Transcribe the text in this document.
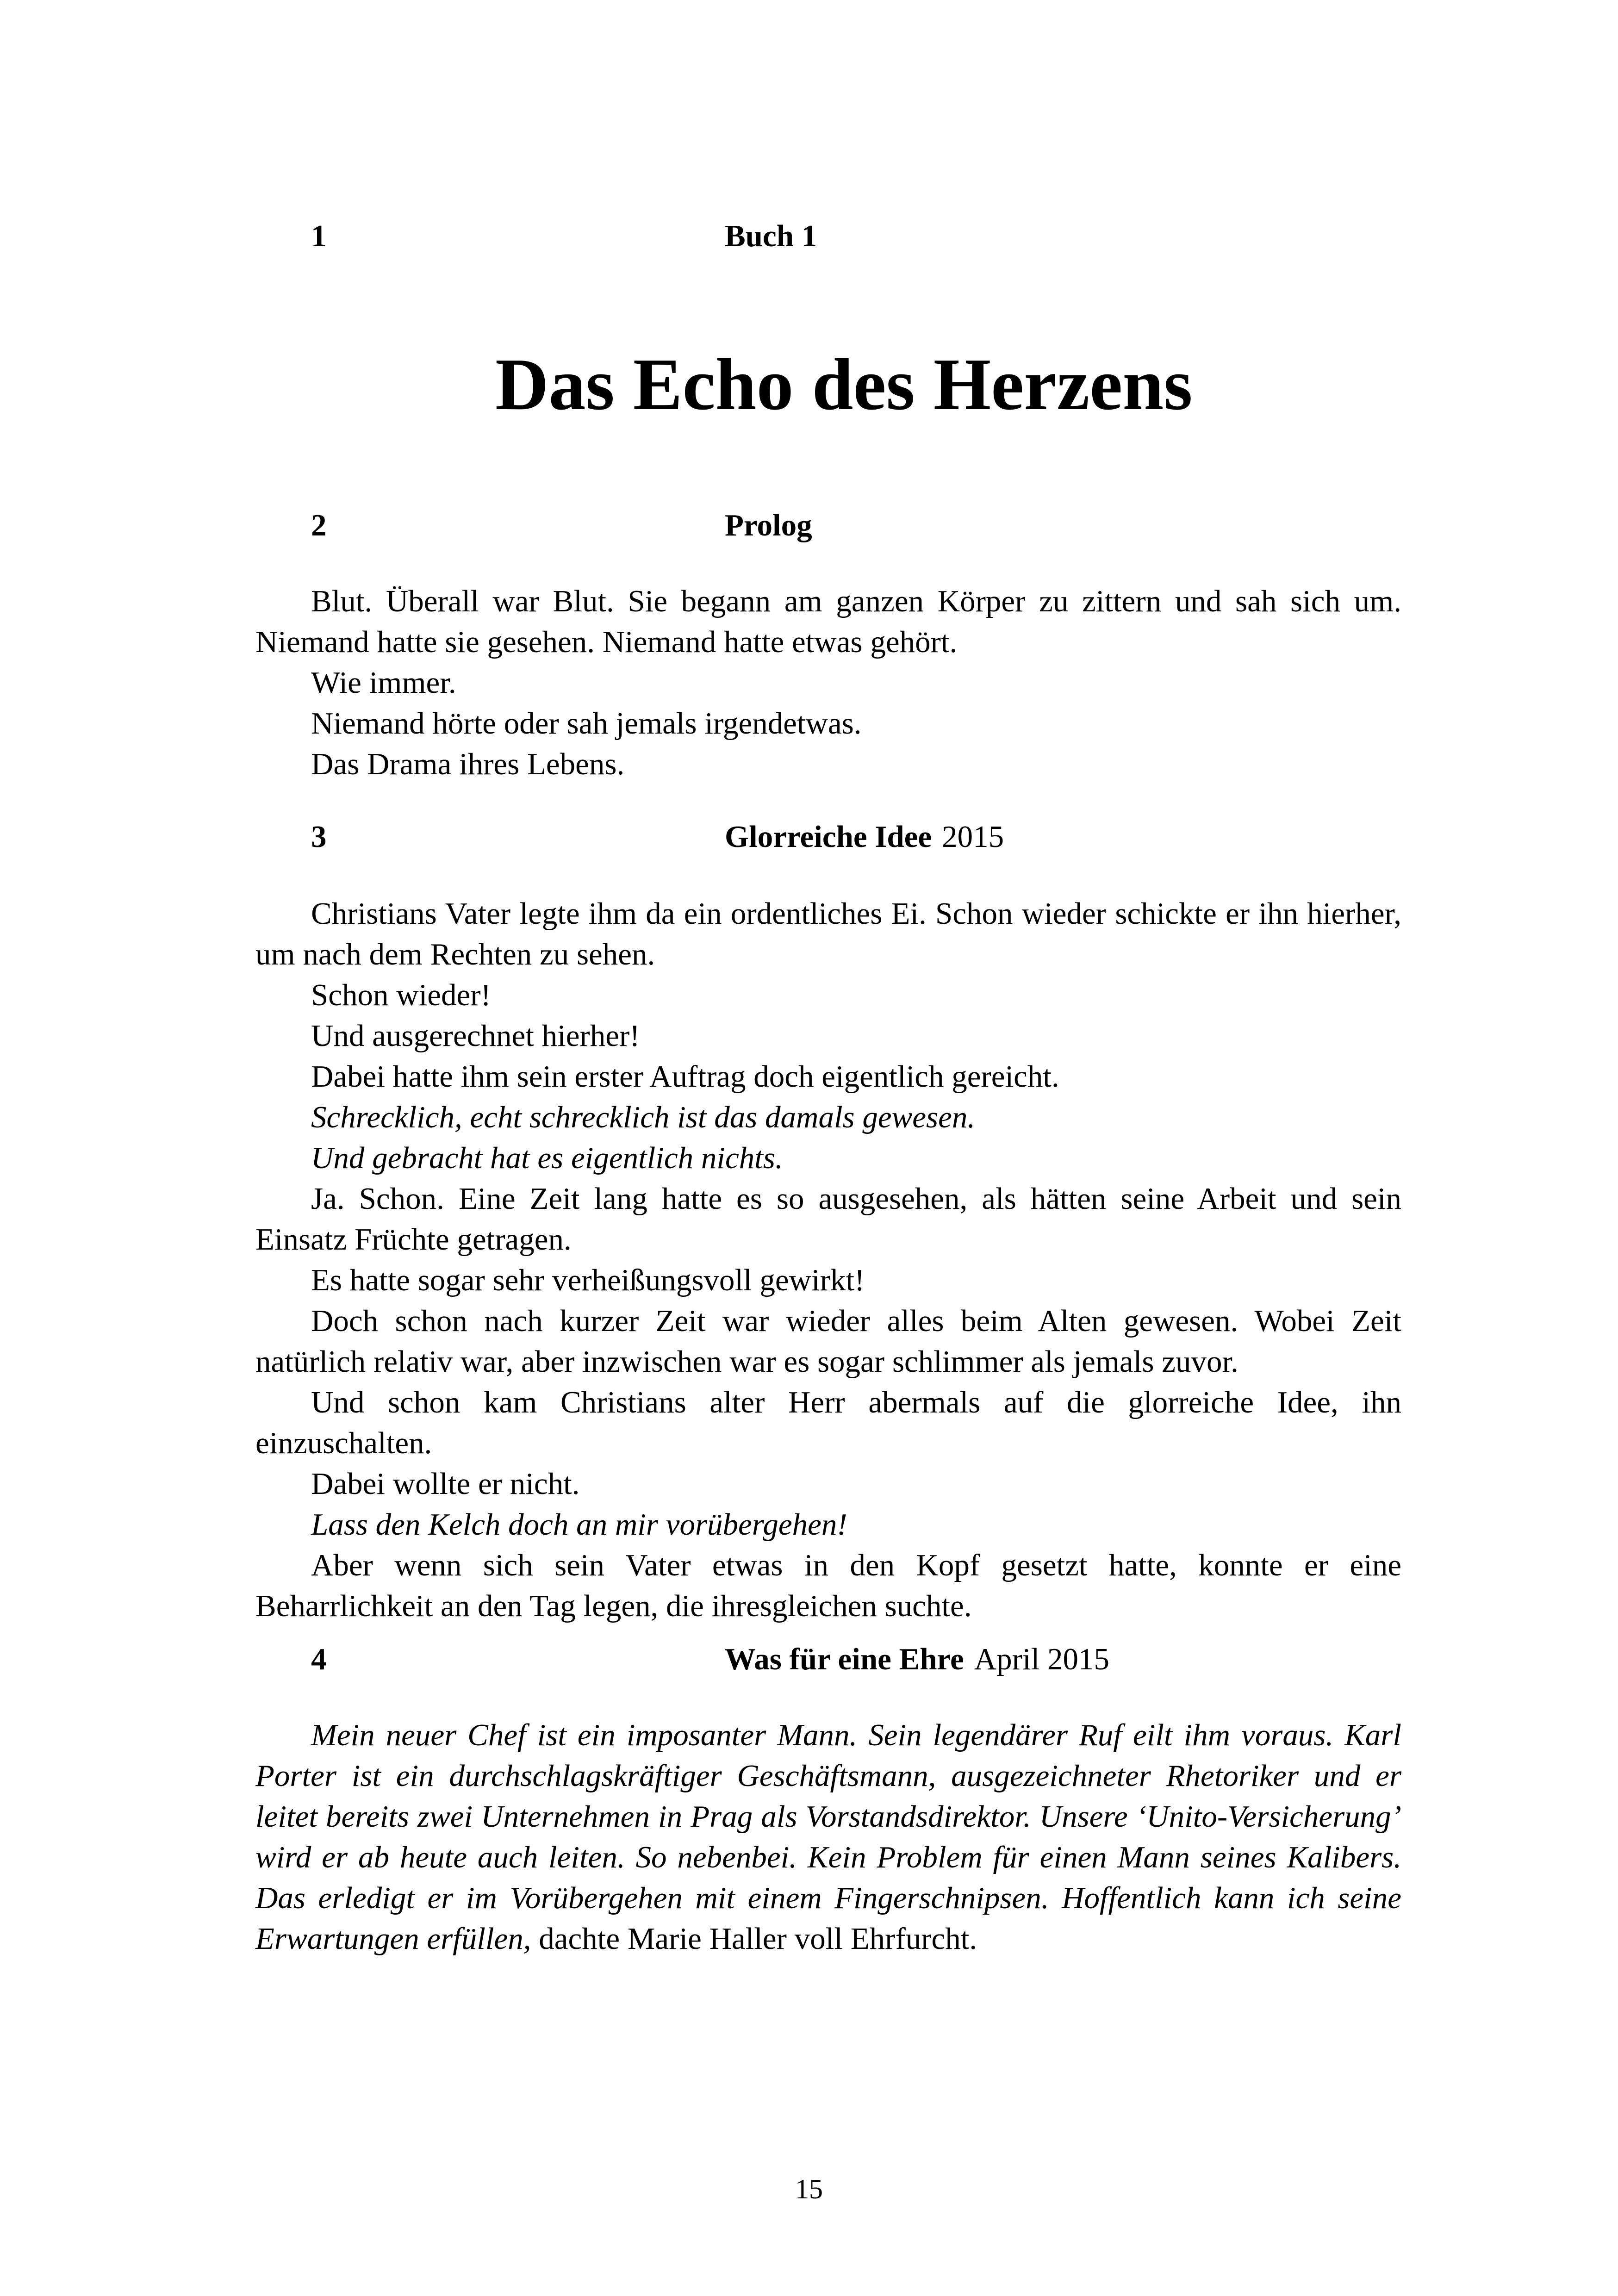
1	Buch 1
Das Echo des Herzens
2	Prolog

Blut. Überall war Blut. Sie begann am ganzen Körper zu zittern und sah sich um. Niemand hatte sie gesehen. Niemand hatte etwas gehört.

Wie immer.

Niemand hörte oder sah jemals irgendetwas.

Das Drama ihres Lebens.

3	Glorreiche Idee 2015

Christians Vater legte ihm da ein ordentliches Ei. Schon wieder schickte er ihn hierher, um nach dem Rechten zu sehen.

Schon wieder!

Und ausgerechnet hierher!

Dabei hatte ihm sein erster Auftrag doch eigentlich gereicht.

Schrecklich, echt schrecklich ist das damals gewesen.

Und gebracht hat es eigentlich nichts.

Ja. Schon. Eine Zeit lang hatte es so ausgesehen, als hätten seine Arbeit und sein Einsatz Früchte getragen.

Es hatte sogar sehr verheißungsvoll gewirkt!

Doch schon nach kurzer Zeit war wieder alles beim Alten gewesen. Wobei Zeit natürlich relativ war, aber inzwischen war es sogar schlimmer als jemals zuvor.

Und schon kam Christians alter Herr abermals auf die glorreiche Idee, ihn einzuschalten.

Dabei wollte er nicht.

Lass den Kelch doch an mir vorübergehen!

Aber wenn sich sein Vater etwas in den Kopf gesetzt hatte, konnte er eine Beharrlichkeit an den Tag legen, die ihresgleichen suchte.

4	Was für eine Ehre April 2015

Mein neuer Chef ist ein imposanter Mann. Sein legendärer Ruf eilt ihm voraus. Karl Porter ist ein durchschlagskräftiger Geschäftsmann, ausgezeichneter Rhetoriker und er leitet bereits zwei Unternehmen in Prag als Vorstandsdirektor. Unsere ‘Unito-Versicherung’ wird er ab heute auch leiten. So nebenbei. Kein Problem für einen Mann seines Kalibers. Das erledigt er im Vorübergehen mit einem Fingerschnipsen. Hoffentlich kann ich seine Erwartungen erfüllen, dachte Marie Haller voll Ehrfurcht.

15
